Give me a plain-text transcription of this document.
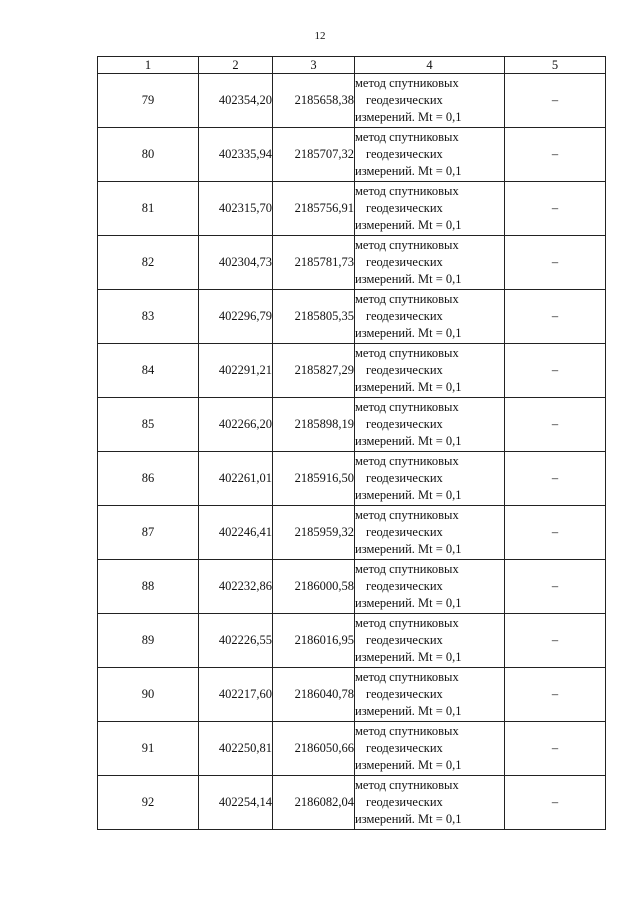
12
1	2	3	4	5
79	402354,20	2185658,38	метод спутниковых
геодезических
измерений. Mt = 0,1	–
80	402335,94	2185707,32	метод спутниковых
геодезических
измерений. Mt = 0,1	–
81	402315,70	2185756,91	метод спутниковых
геодезических
измерений. Mt = 0,1	–
82	402304,73	2185781,73	метод спутниковых
геодезических
измерений. Mt = 0,1	–
83	402296,79	2185805,35	метод спутниковых
геодезических
измерений. Mt = 0,1	–
84	402291,21	2185827,29	метод спутниковых
геодезических
измерений. Mt = 0,1	–
85	402266,20	2185898,19	метод спутниковых
геодезических
измерений. Mt = 0,1	–
86	402261,01	2185916,50	метод спутниковых
геодезических
измерений. Mt = 0,1	–
87	402246,41	2185959,32	метод спутниковых
геодезических
измерений. Mt = 0,1	–
88	402232,86	2186000,58	метод спутниковых
геодезических
измерений. Mt = 0,1	–
89	402226,55	2186016,95	метод спутниковых
геодезических
измерений. Mt = 0,1	–
90	402217,60	2186040,78	метод спутниковых
геодезических
измерений. Mt = 0,1	–
91	402250,81	2186050,66	метод спутниковых
геодезических
измерений. Mt = 0,1	–
92	402254,14	2186082,04	метод спутниковых
геодезических
измерений. Mt = 0,1	–
